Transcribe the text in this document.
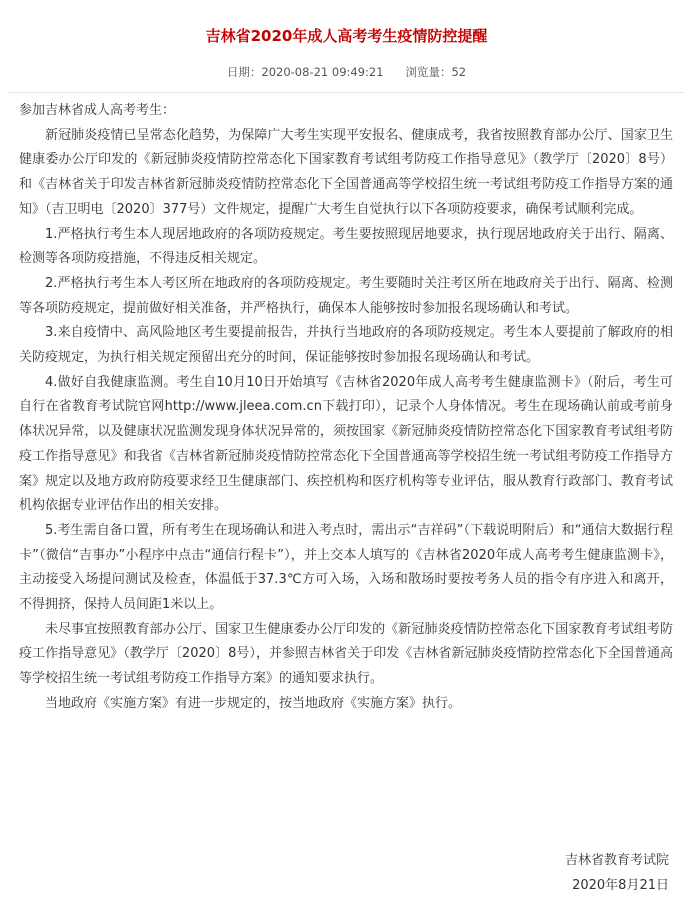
吉林省2020年成人高考考生疫情防控提醒
日期：2020-08-21 09:49:21 浏览量：52

参加吉林省成人高考考生：

新冠肺炎疫情已呈常态化趋势，为保障广大考生实现平安报名、健康成考，我省按照教育部办公厅、国家卫生健康委办公厅印发的《新冠肺炎疫情防控常态化下国家教育考试组考防疫工作指导意见》（教学厅〔2020〕8号）和《吉林省关于印发吉林省新冠肺炎疫情防控常态化下全国普通高等学校招生统一考试组考防疫工作指导方案的通知》（吉卫明电〔2020〕377号）文件规定，提醒广大考生自觉执行以下各项防疫要求，确保考试顺利完成。

1.严格执行考生本人现居地政府的各项防疫规定。考生要按照现居地要求，执行现居地政府关于出行、隔离、检测等各项防疫措施，不得违反相关规定。

2.严格执行考生本人考区所在地政府的各项防疫规定。考生要随时关注考区所在地政府关于出行、隔离、检测等各项防疫规定，提前做好相关准备，并严格执行，确保本人能够按时参加报名现场确认和考试。

3.来自疫情中、高风险地区考生要提前报告，并执行当地政府的各项防疫规定。考生本人要提前了解政府的相关防疫规定，为执行相关规定预留出充分的时间，保证能够按时参加报名现场确认和考试。

4.做好自我健康监测。考生自10月10日开始填写《吉林省2020年成人高考考生健康监测卡》（附后，考生可自行在省教育考试院官网http://www.jleea.com.cn下载打印），记录个人身体情况。考生在现场确认前或考前身体状况异常，以及健康状况监测发现身体状况异常的，须按国家《新冠肺炎疫情防控常态化下国家教育考试组考防疫工作指导意见》和我省《吉林省新冠肺炎疫情防控常态化下全国普通高等学校招生统一考试组考防疫工作指导方案》规定以及地方政府防疫要求经卫生健康部门、疾控机构和医疗机构等专业评估，服从教育行政部门、教育考试机构依据专业评估作出的相关安排。

5.考生需自备口置，所有考生在现场确认和进入考点时，需出示“吉祥码”（下载说明附后）和“通信大数据行程卡”（微信“吉事办”小程序中点击“通信行程卡”），并上交本人填写的《吉林省2020年成人高考考生健康监测卡》，主动接受入场提问测试及检查，体温低于37.3℃方可入场，入场和散场时要按考务人员的指令有序进入和离开，不得拥挤，保持人员间距1米以上。

未尽事宜按照教育部办公厅、国家卫生健康委办公厅印发的《新冠肺炎疫情防控常态化下国家教育考试组考防疫工作指导意见》（教学厅〔2020〕8号），并参照吉林省关于印发《吉林省新冠肺炎疫情防控常态化下全国普通高等学校招生统一考试组考防疫工作指导方案》的通知要求执行。

当地政府《实施方案》有进一步规定的，按当地政府《实施方案》执行。

吉林省教育考试院
2020年8月21日
